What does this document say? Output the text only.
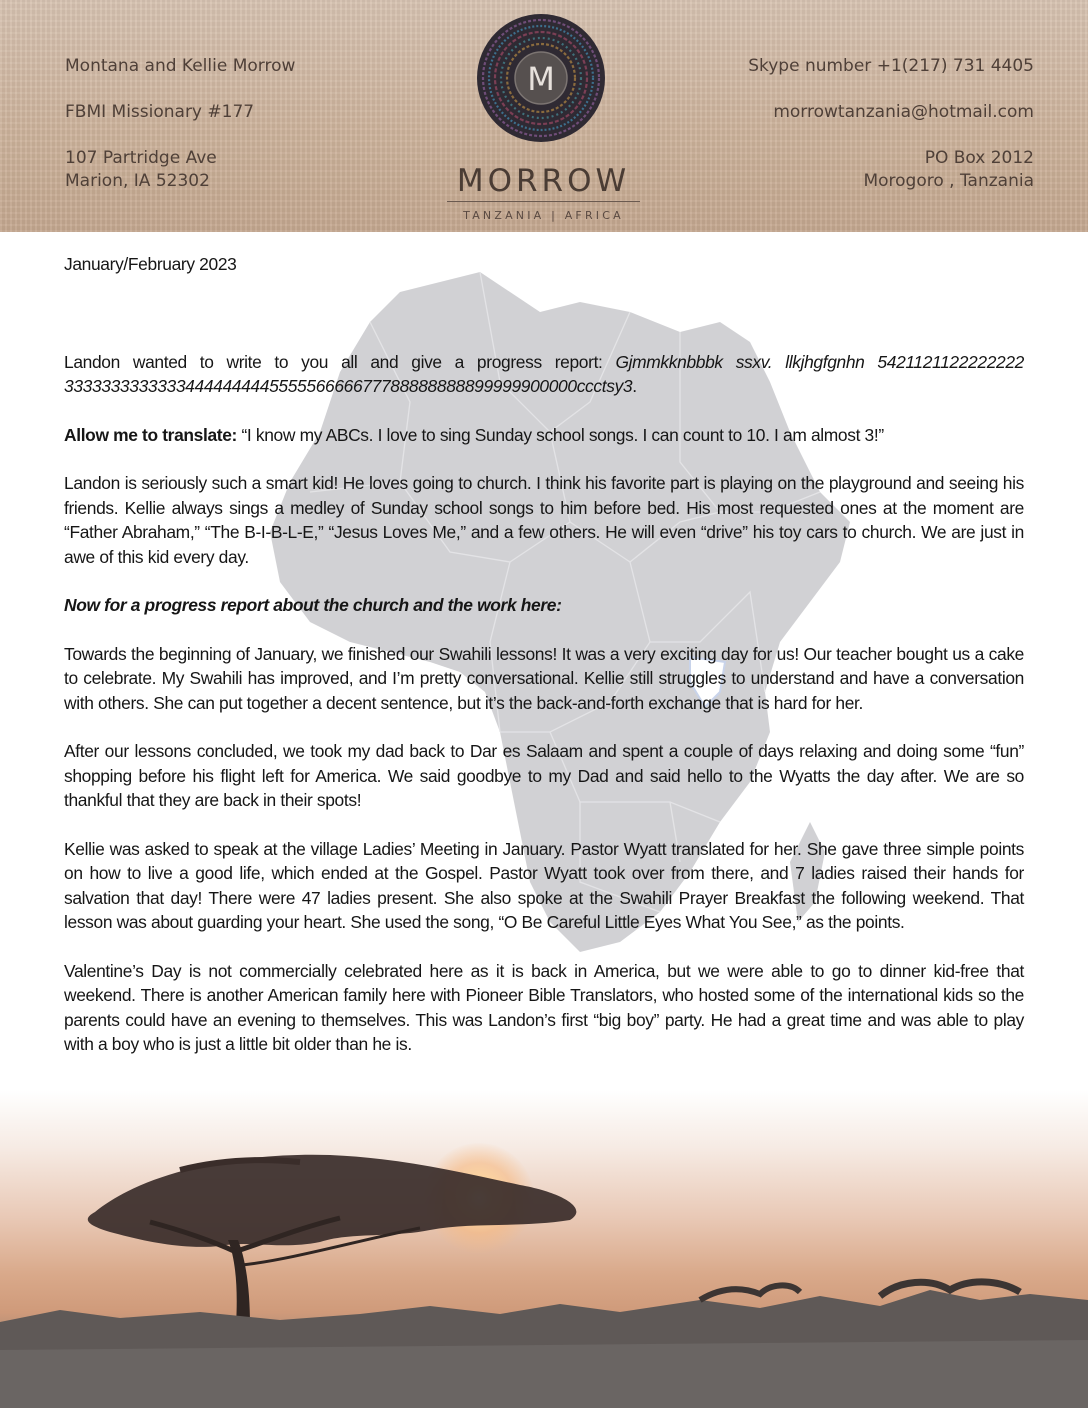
Montana and Kellie Morrow
FBMI Missionary #177
107 Partridge Ave
Marion, IA 52302
M
MORROW
TANZANIA | AFRICA
Skype number +1(217) 731 4405
morrowtanzania@hotmail.com
PO Box 2012
Morogoro , Tanzania

January/February 2023

Landon wanted to write to you all and give a progress report: Gjmmkknbbbk ssxv. llkjhgfgnhn 5421121122222222 3333333333333444444444555556666677788888888899999900000ccctsy3.

Allow me to translate: “I know my ABCs. I love to sing Sunday school songs. I can count to 10. I am almost 3!”

Landon is seriously such a smart kid! He loves going to church. I think his favorite part is playing on the playground and seeing his friends. Kellie always sings a medley of Sunday school songs to him before bed. His most requested ones at the moment are “Father Abraham,” “The B-I-B-L-E,” “Jesus Loves Me,” and a few others. He will even “drive” his toy cars to church. We are just in awe of this kid every day.

Now for a progress report about the church and the work here:

Towards the beginning of January, we finished our Swahili lessons! It was a very exciting day for us! Our teacher bought us a cake to celebrate. My Swahili has improved, and I’m pretty conversational. Kellie still struggles to understand and have a conversation with others. She can put together a decent sentence, but it’s the back-and-forth exchange that is hard for her.

After our lessons concluded, we took my dad back to Dar es Salaam and spent a couple of days relaxing and doing some “fun” shopping before his flight left for America. We said goodbye to my Dad and said hello to the Wyatts the day after. We are so thankful that they are back in their spots!

Kellie was asked to speak at the village Ladies’ Meeting in January. Pastor Wyatt translated for her. She gave three simple points on how to live a good life, which ended at the Gospel. Pastor Wyatt took over from there, and 7 ladies raised their hands for salvation that day! There were 47 ladies present. She also spoke at the Swahili Prayer Breakfast the following weekend. That lesson was about guarding your heart. She used the song, “O Be Careful Little Eyes What You See,” as the points.

Valentine’s Day is not commercially celebrated here as it is back in America, but we were able to go to dinner kid-free that weekend. There is another American family here with Pioneer Bible Translators, who hosted some of the international kids so the parents could have an evening to themselves. This was Landon’s first “big boy” party. He had a great time and was able to play with a boy who is just a little bit older than he is.
